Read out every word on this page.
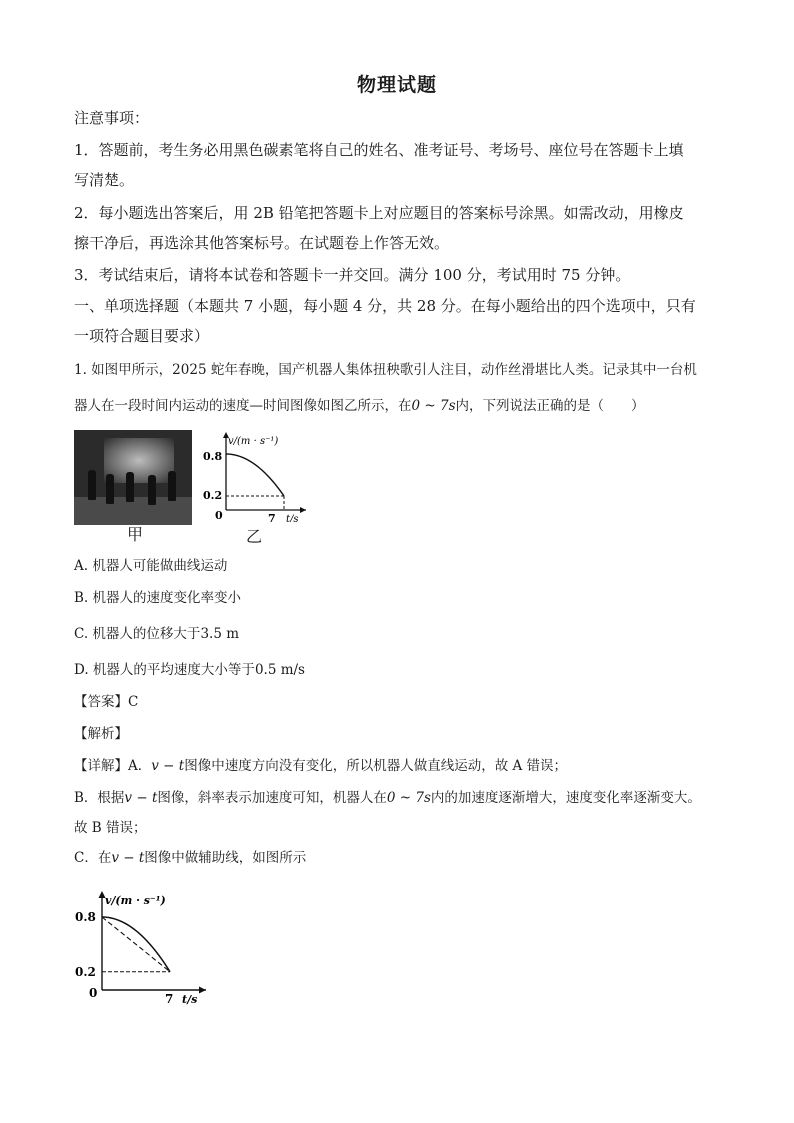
物理试题
注意事项：
1．答题前，考生务必用黑色碳素笔将自己的姓名、准考证号、考场号、座位号在答题卡上填
写清楚。
2．每小题选出答案后，用 2B 铅笔把答题卡上对应题目的答案标号涂黑。如需改动，用橡皮
擦干净后，再选涂其他答案标号。在试题卷上作答无效。
3．考试结束后，请将本试卷和答题卡一并交回。满分 100 分，考试用时 75 分钟。
一、单项选择题（本题共 7 小题，每小题 4 分，共 28 分。在每小题给出的四个选项中，只有
一项符合题目要求）
1. 如图甲所示，2025 蛇年春晚，国产机器人集体扭秧歌引人注目，动作丝滑堪比人类。记录其中一台机
器人在一段时间内运动的速度—时间图像如图乙所示，在0 ~ 7s内，下列说法正确的是（　　）
甲
v/(m · s⁻¹)
0.8
0.2
0	7 t/s
乙
A. 机器人可能做曲线运动
B. 机器人的速度变化率变小
C. 机器人的位移大于3.5 m
D. 机器人的平均速度大小等于0.5 m/s
【答案】C
【解析】
【详解】A．v − t图像中速度方向没有变化，所以机器人做直线运动，故 A 错误；
B．根据v − t图像，斜率表示加速度可知，机器人在0 ~ 7s内的加速度逐渐增大，速度变化率逐渐变大。
故 B 错误；
C．在v − t图像中做辅助线，如图所示
v/(m · s⁻¹)
0.8
0.2
0	7 t/s
